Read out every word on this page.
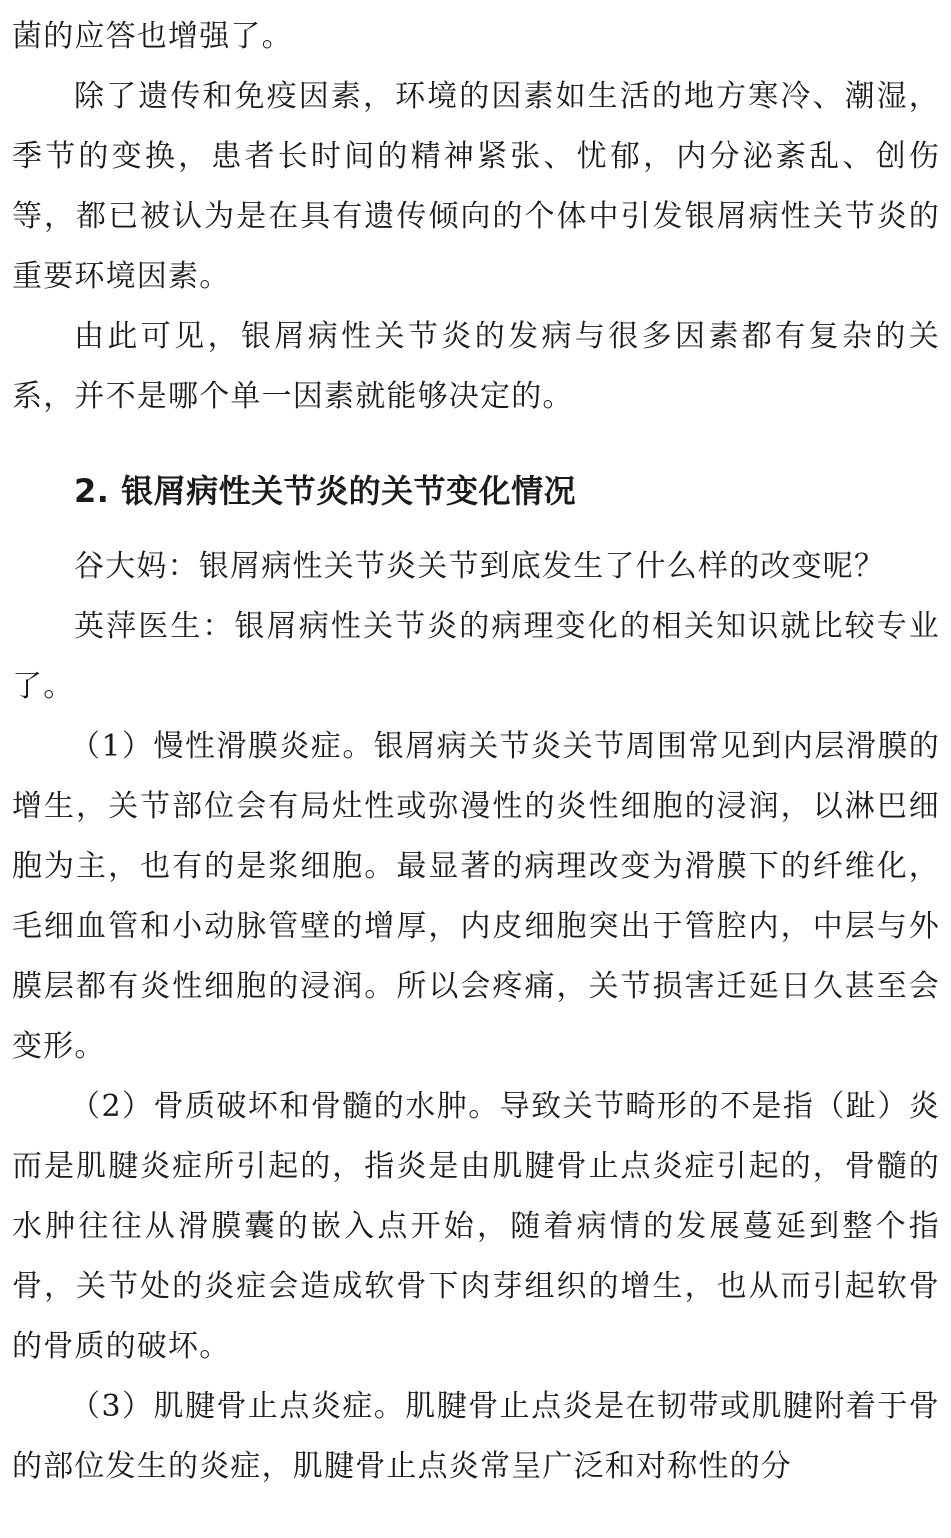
菌的应答也增强了。

除了遗传和免疫因素，环境的因素如生活的地方寒冷、潮湿，季节的变换，患者长时间的精神紧张、忧郁，内分泌紊乱、创伤等，都已被认为是在具有遗传倾向的个体中引发银屑病性关节炎的重要环境因素。

由此可见，银屑病性关节炎的发病与很多因素都有复杂的关系，并不是哪个单一因素就能够决定的。

2. 银屑病性关节炎的关节变化情况

谷大妈：银屑病性关节炎关节到底发生了什么样的改变呢？

英萍医生：银屑病性关节炎的病理变化的相关知识就比较专业了。

（1）慢性滑膜炎症。银屑病关节炎关节周围常见到内层滑膜的增生，关节部位会有局灶性或弥漫性的炎性细胞的浸润，以淋巴细胞为主，也有的是浆细胞。最显著的病理改变为滑膜下的纤维化，毛细血管和小动脉管壁的增厚，内皮细胞突出于管腔内，中层与外膜层都有炎性细胞的浸润。所以会疼痛，关节损害迁延日久甚至会变形。

（2）骨质破坏和骨髓的水肿。导致关节畸形的不是指（趾）炎而是肌腱炎症所引起的，指炎是由肌腱骨止点炎症引起的，骨髓的水肿往往从滑膜囊的嵌入点开始，随着病情的发展蔓延到整个指骨，关节处的炎症会造成软骨下肉芽组织的增生，也从而引起软骨的骨质的破坏。

（3）肌腱骨止点炎症。肌腱骨止点炎是在韧带或肌腱附着于骨的部位发生的炎症，肌腱骨止点炎常呈广泛和对称性的分
